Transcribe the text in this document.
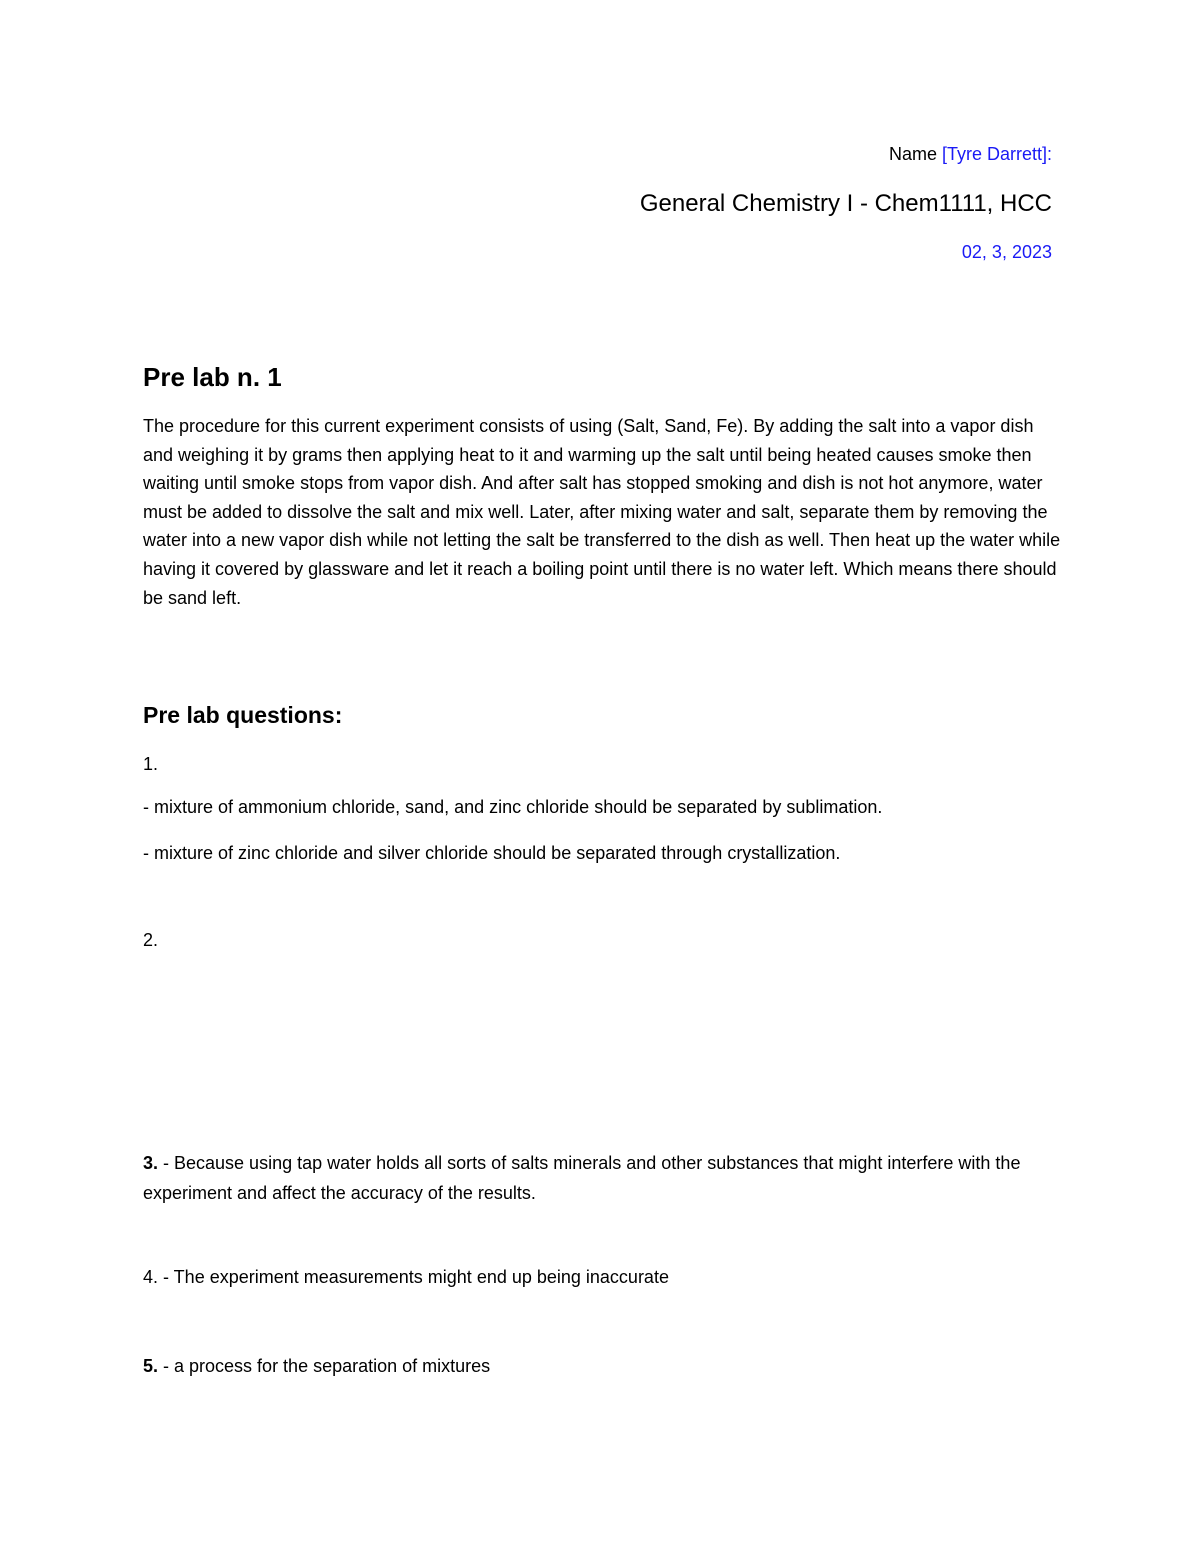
Name [Tyre Darrett]:
General Chemistry I - Chem1111, HCC
02, 3, 2023
Pre lab n. 1
The procedure for this current experiment consists of using (Salt, Sand, Fe). By adding the salt into a vapor dish and weighing it by grams then applying heat to it and warming up the salt until being heated causes smoke then waiting until smoke stops from vapor dish. And after salt has stopped smoking and dish is not hot anymore, water must be added to dissolve the salt and mix well. Later, after mixing water and salt, separate them by removing the water into a new vapor dish while not letting the salt be transferred to the dish as well. Then heat up the water while having it covered by glassware and let it reach a boiling point until there is no water left. Which means there should be sand left.
Pre lab questions:
1.
- mixture of ammonium chloride, sand, and zinc chloride should be separated by sublimation.
- mixture of zinc chloride and silver chloride should be separated through crystallization.
2.
3. - Because using tap water holds all sorts of salts minerals and other substances that might interfere with the experiment and affect the accuracy of the results.
4. - The experiment measurements might end up being inaccurate
5. - a process for the separation of mixtures
